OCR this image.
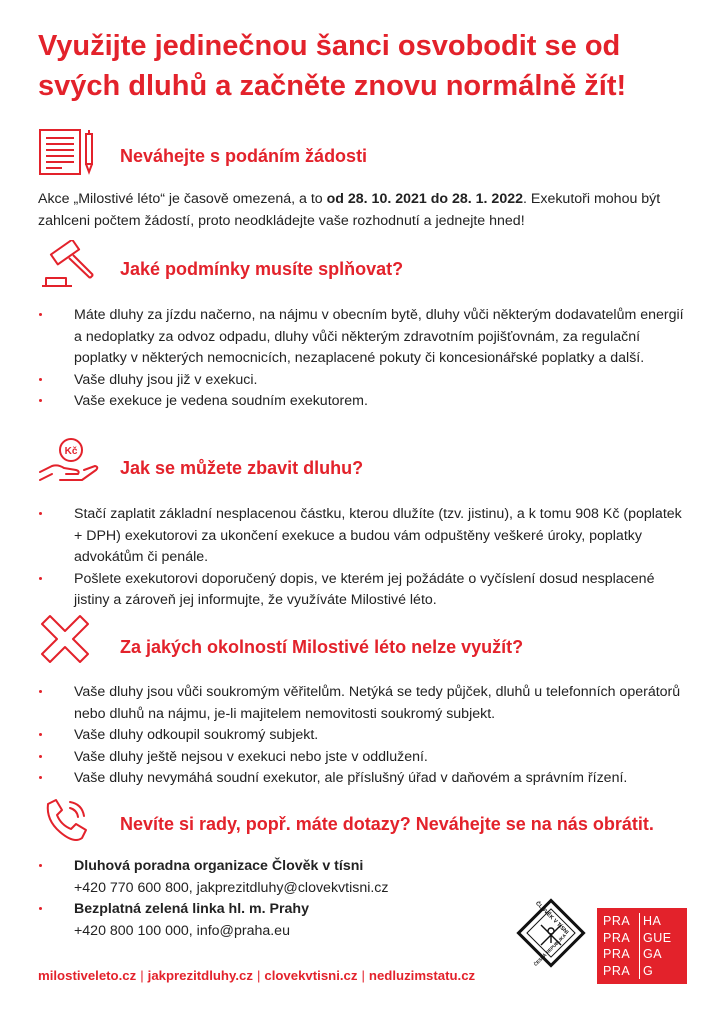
Využijte jedinečnou šanci osvobodit se od svých dluhů a začněte znovu normálně žít!
Neváhejte s podáním žádosti

Akce „Milostivé léto“ je časově omezená, a to od 28. 10. 2021 do 28. 1. 2022. Exekutoři mohou být zahlceni počtem žádostí, proto neodkládejte vaše rozhodnutí a jednejte hned!

Jaké podmínky musíte splňovat?
Máte dluhy za jízdu načerno, na nájmu v obecním bytě, dluhy vůči některým dodavatelům energií a nedoplatky za odvoz odpadu, dluhy vůči některým zdravotním pojišťovnám, za regulační poplatky v některých nemocnicích, nezaplacené pokuty či koncesionářské poplatky a další.
Vaše dluhy jsou již v exekuci.
Vaše exekuce je vedena soudním exekutorem.
Kč
Jak se můžete zbavit dluhu?
Stačí zaplatit základní nesplacenou částku, kterou dlužíte (tzv. jistinu), a k tomu 908 Kč (poplatek + DPH) exekutorovi za ukončení exekuce a budou vám odpuštěny veškeré úroky, poplatky advokátům či penále.
Pošlete exekutorovi doporučený dopis, ve kterém jej požádáte o vyčíslení dosud nesplacené jistiny a zároveň jej informujte, že využíváte Milostivé léto.
Za jakých okolností Milostivé léto nelze využít?
Vaše dluhy jsou vůči soukromým věřitelům. Netýká se tedy půjček, dluhů u telefonních operátorů nebo dluhů na nájmu, je-li majitelem nemovitosti soukromý subjekt.
Vaše dluhy odkoupil soukromý subjekt.
Vaše dluhy ještě nejsou v exekuci nebo jste v oddlužení.
Vaše dluhy nevymáhá soudní exekutor, ale příslušný úřad v daňovém a správním řízení.
Nevíte si rady, popř. máte dotazy? Neváhejte se na nás obrátit.
Dluhová poradna organizace Člověk v tísni
+420 770 600 800, jakprezitdluhy@clovekvtisni.cz
Bezplatná zelená linka hl. m. Prahy
+420 800 100 000, info@praha.eu
milostiveleto.cz | jakprezitdluhy.cz | clovekvtisni.cz | nedluzimstatu.cz
ČLOVĚK V TÍSNI
ČESKÁ REPUBLIKA
PRA	HA
PRA	GUE
PRA	GA
PRA	G
